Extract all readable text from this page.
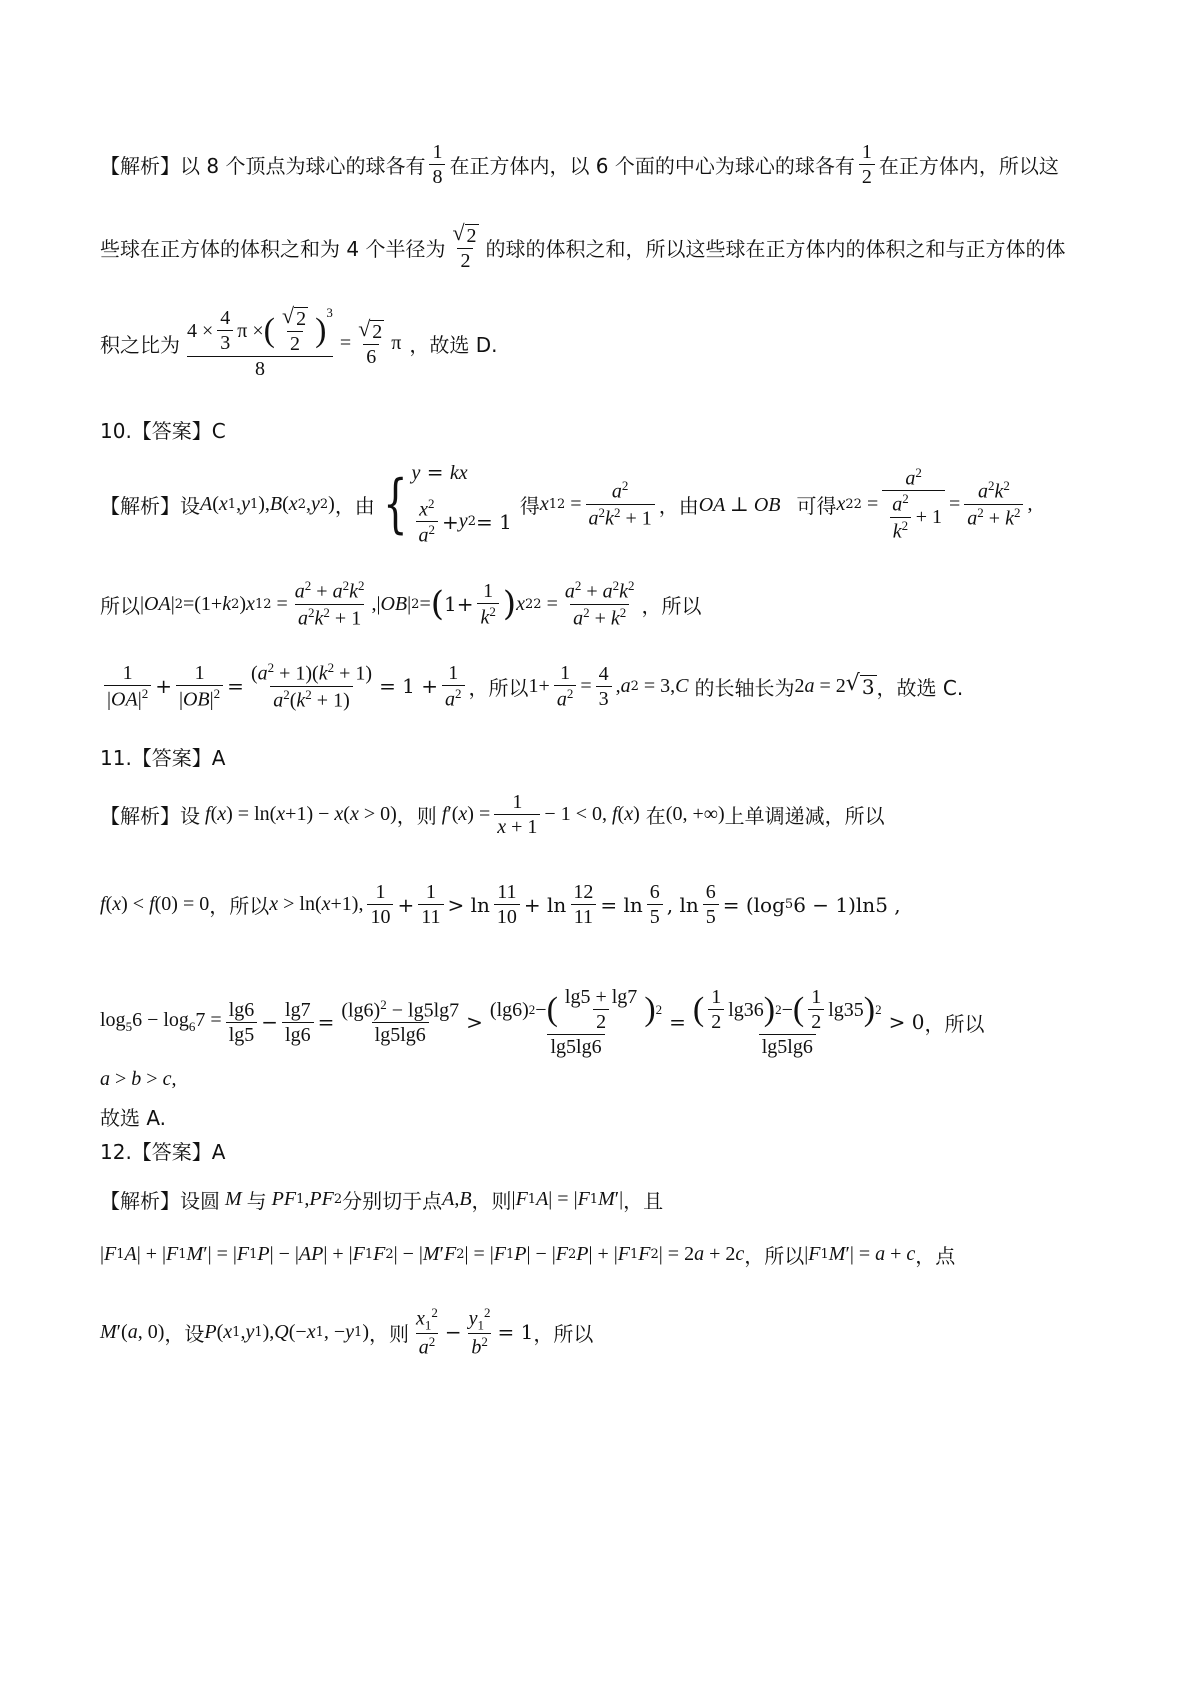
【解析】 以 8 个顶点为球心的球各有 $\frac{1}{8}$ 在正方体内，以 6 个面的中心为球心的球各有 $\frac{1}{2}$ 在正方体内，所以这
些球在正方体的体积之和为 4 个半径为 $\frac{√ 2}{2}$ 的球的体积之和，所以这些球在正方体内的体积之和与正方体的体
积之比为 $\frac{4 \times \frac{4}{3} \pi \times ( \frac{√ 2}{2} )^3}{8} = \frac{√ 2}{6}$ π ，故选 D.
10.【答案】C
【解析】 设 A ( x 1 , y 1 ), B ( x 2 , y 2 ) ，由 { y = kx
$\frac{x^2}{a^2} + y$ 2 = 1
得 x 1 $2 = \frac{a^2}{a^2k^2 + 1}$ ，由 OA ⊥ OB 可得 x 2 $2 = \frac{a^2}{\frac{a^2}{k^2} + 1} = \frac{a^2k^2}{a^2 + k^2}$ ,
所以 | OA | 2 =(1+ k 2 ) x 1 $2 = \frac{a^2 + a^2k^2}{a^2k^2 + 1}$ ,| OB | 2 = ( $1+ \frac{1}{k^2}$ ) x 2 $2 = \frac{a^2 + a^2k^2}{a^2 + k^2}$ ，所以
$\frac{1}{|OA|^2} + \frac{1}{|OB|^2} = \frac{(a^2 + 1)(k^2 + 1)}{a^2(k^2 + 1)} = 1 + \frac{1}{a^2}$ ，所以 $1+ \frac{1}{a^2} = \frac{4}{3}$ , a 2 = 3, C 的长轴长为 2 a = 2 √ 3 ，故选 C.
11.【答案】A
【解析】 设 f ( x ) = ln( x +1) − x ( x > 0) ，则 f ′( x ) = $\frac{1}{x + 1} - 1 < 0$, f ( x ) 在 (0, +∞) 上单调递减，所以
f ( x ) < f (0) = 0 ，所以 x > ln( x +1), $\frac{1}{10} + \frac{1}{11} > \ln \frac{11}{10} + \ln \frac{12}{11} = \ln \frac{6}{5}$ , $\ln \frac{6}{5} = (\log$ 5 6 − 1)ln5 ,
$\log_56 - \log_67 = \frac{\lg 6}{\lg 5} - \frac{\lg 7}{\lg 6} = \frac{(\lg 6)^2 - \lg 5\lg 7}{\lg 5\lg 6} > \frac{(\lg 6) 2 - ( \frac{\lg 5 + \lg 7}{2} ) 2}{\lg 5\lg 6} = \frac{( \frac{1}{2} \lg 36 ) 2 - ( \frac{1}{2} \lg 35 ) 2}{\lg 5\lg 6} > 0$ ，所以
a > b > c ,
故选 A.
12.【答案】A
【解析】 设圆 M 与 PF 1 , PF 2 分别切于点 A , B ，则 | F 1 A | = | F 1 M ′| ，且
| F 1 A | + | F 1 M ′| = | F 1 P | − | AP | + | F 1 F 2 | − | M ′ F 2 | = | F 1 P | − | F 2 P | + | F 1 F 2 | = 2 a + 2 c ，所以 | F 1 M ′| = a + c ，点
M ′( a , 0) ，设 P ( x 1 , y 1 ), Q (− x 1 , − y 1 ) ，则 $\frac{x_1^2}{a^2} - \frac{y_1^2}{b^2} = 1$ ，所以
